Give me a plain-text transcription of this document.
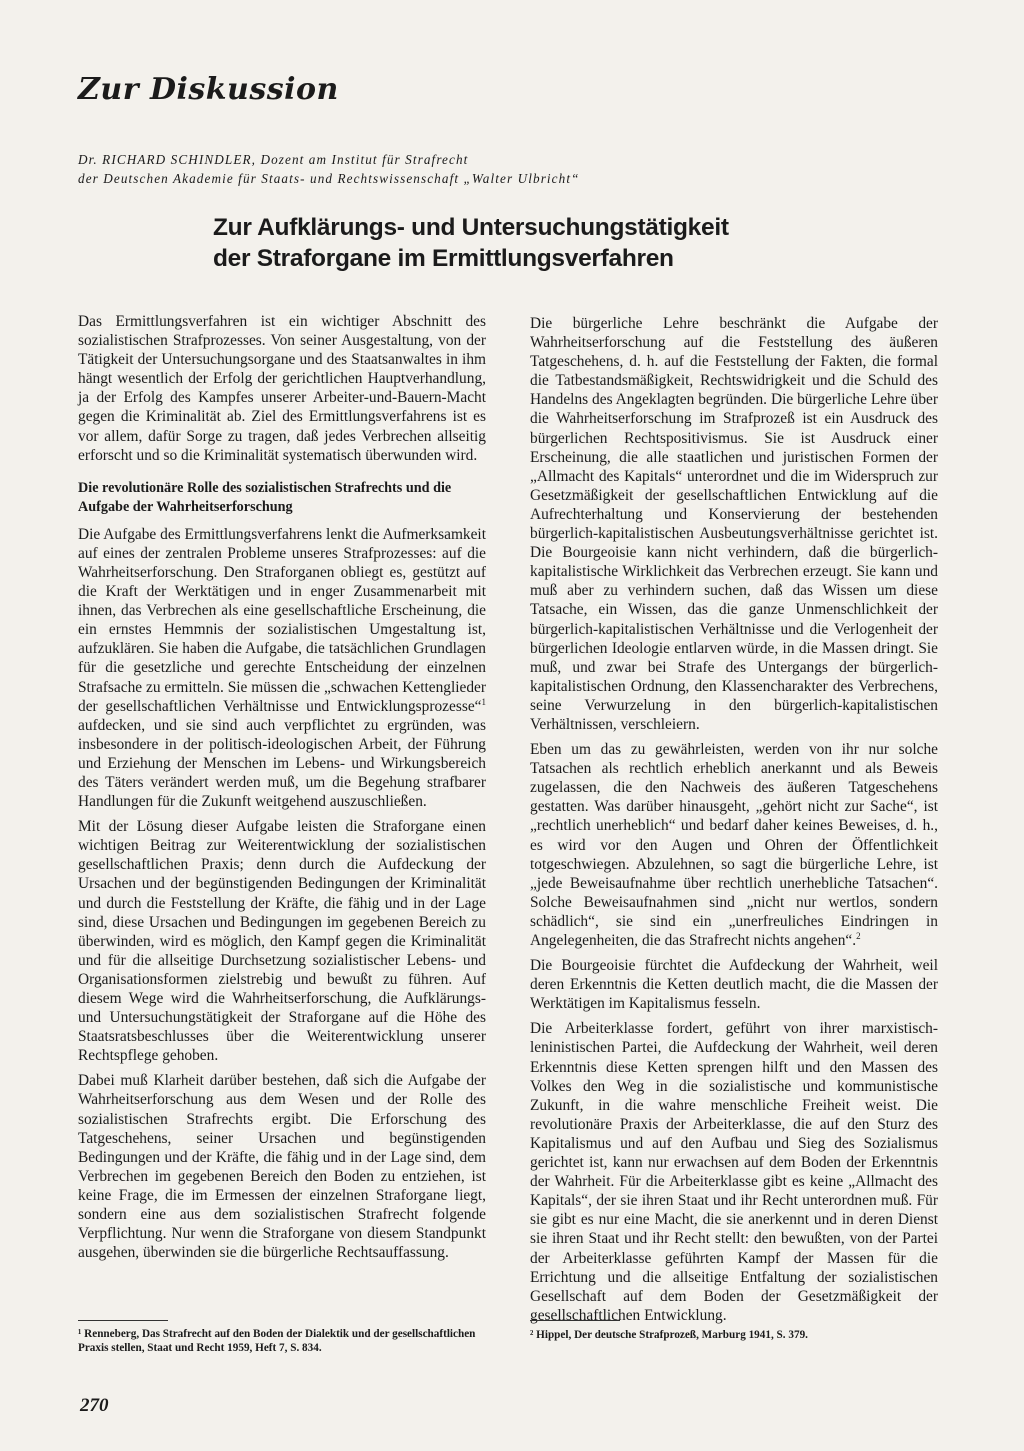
Zur Diskussion
Dr. RICHARD SCHINDLER, Dozent am Institut für Strafrecht
der Deutschen Akademie für Staats- und Rechtswissenschaft „Walter Ulbricht“
Zur Aufklärungs- und Untersuchungstätigkeit
der Straforgane im Ermittlungsverfahren

Das Ermittlungsverfahren ist ein wichtiger Abschnitt des sozialistischen Strafprozesses. Von seiner Ausgestaltung, von der Tätigkeit der Untersuchungsorgane und des Staatsanwaltes in ihm hängt wesentlich der Erfolg der gerichtlichen Hauptverhandlung, ja der Erfolg des Kampfes unserer Arbeiter-und-Bauern-Macht gegen die Kriminalität ab. Ziel des Ermittlungsverfahrens ist es vor allem, dafür Sorge zu tragen, daß jedes Verbrechen allseitig erforscht und so die Kriminalität systematisch überwunden wird.

Die revolutionäre Rolle des sozialistischen Strafrechts und die Aufgabe der Wahrheitserforschung

Die Aufgabe des Ermittlungsverfahrens lenkt die Aufmerksamkeit auf eines der zentralen Probleme unseres Strafprozesses: auf die Wahrheitserforschung. Den Straforganen obliegt es, gestützt auf die Kraft der Werktätigen und in enger Zusammenarbeit mit ihnen, das Verbrechen als eine gesellschaftliche Erscheinung, die ein ernstes Hemmnis der sozialistischen Umgestaltung ist, aufzuklären. Sie haben die Aufgabe, die tatsächlichen Grundlagen für die gesetzliche und gerechte Entscheidung der einzelnen Strafsache zu ermitteln. Sie müssen die „schwachen Kettenglieder der gesellschaftlichen Verhältnisse und Entwicklungsprozesse“$^1$ aufdecken, und sie sind auch verpflichtet zu ergründen, was insbesondere in der politisch-ideologischen Arbeit, der Führung und Erziehung der Menschen im Lebens- und Wirkungsbereich des Täters verändert werden muß, um die Begehung strafbarer Handlungen für die Zukunft weitgehend auszuschließen.

Mit der Lösung dieser Aufgabe leisten die Straforgane einen wichtigen Beitrag zur Weiterentwicklung der sozialistischen gesellschaftlichen Praxis; denn durch die Aufdeckung der Ursachen und der begünstigenden Bedingungen der Kriminalität und durch die Feststellung der Kräfte, die fähig und in der Lage sind, diese Ursachen und Bedingungen im gegebenen Bereich zu überwinden, wird es möglich, den Kampf gegen die Kriminalität und für die allseitige Durchsetzung sozialistischer Lebens- und Organisationsformen zielstrebig und bewußt zu führen. Auf diesem Wege wird die Wahrheitserforschung, die Aufklärungs- und Untersuchungstätigkeit der Straforgane auf die Höhe des Staatsratsbeschlusses über die Weiterentwicklung unserer Rechtspflege gehoben.

Dabei muß Klarheit darüber bestehen, daß sich die Aufgabe der Wahrheitserforschung aus dem Wesen und der Rolle des sozialistischen Strafrechts ergibt. Die Erforschung des Tatgeschehens, seiner Ursachen und begünstigenden Bedingungen und der Kräfte, die fähig und in der Lage sind, dem Verbrechen im gegebenen Bereich den Boden zu entziehen, ist keine Frage, die im Ermessen der einzelnen Straforgane liegt, sondern eine aus dem sozialistischen Strafrecht folgende Verpflichtung. Nur wenn die Straforgane von diesem Standpunkt ausgehen, überwinden sie die bürgerliche Rechtsauffassung.

Die bürgerliche Lehre beschränkt die Aufgabe der Wahrheitserforschung auf die Feststellung des äußeren Tatgeschehens, d. h. auf die Feststellung der Fakten, die formal die Tatbestandsmäßigkeit, Rechtswidrigkeit und die Schuld des Handelns des Angeklagten begründen. Die bürgerliche Lehre über die Wahrheitserforschung im Strafprozeß ist ein Ausdruck des bürgerlichen Rechtspositivismus. Sie ist Ausdruck einer Erscheinung, die alle staatlichen und juristischen Formen der „Allmacht des Kapitals“ unterordnet und die im Widerspruch zur Gesetzmäßigkeit der gesellschaftlichen Entwicklung auf die Aufrechterhaltung und Konservierung der bestehenden bürgerlich-kapitalistischen Ausbeutungsverhältnisse gerichtet ist. Die Bourgeoisie kann nicht verhindern, daß die bürgerlich-kapitalistische Wirklichkeit das Verbrechen erzeugt. Sie kann und muß aber zu verhindern suchen, daß das Wissen um diese Tatsache, ein Wissen, das die ganze Unmenschlichkeit der bürgerlich-kapitalistischen Verhältnisse und die Verlogenheit der bürgerlichen Ideologie entlarven würde, in die Massen dringt. Sie muß, und zwar bei Strafe des Untergangs der bürgerlich-kapitalistischen Ordnung, den Klassencharakter des Verbrechens, seine Verwurzelung in den bürgerlich-kapitalistischen Verhältnissen, verschleiern.

Eben um das zu gewährleisten, werden von ihr nur solche Tatsachen als rechtlich erheblich anerkannt und als Beweis zugelassen, die den Nachweis des äußeren Tatgeschehens gestatten. Was darüber hinausgeht, „gehört nicht zur Sache“, ist „rechtlich unerheblich“ und bedarf daher keines Beweises, d. h., es wird vor den Augen und Ohren der Öffentlichkeit totgeschwiegen. Abzulehnen, so sagt die bürgerliche Lehre, ist „jede Beweisaufnahme über rechtlich unerhebliche Tatsachen“. Solche Beweisaufnahmen sind „nicht nur wertlos, sondern schädlich“, sie sind ein „unerfreuliches Eindringen in Angelegenheiten, die das Strafrecht nichts angehen“.$^2$

Die Bourgeoisie fürchtet die Aufdeckung der Wahrheit, weil deren Erkenntnis die Ketten deutlich macht, die die Massen der Werktätigen im Kapitalismus fesseln.

Die Arbeiterklasse fordert, geführt von ihrer marxistisch-leninistischen Partei, die Aufdeckung der Wahrheit, weil deren Erkenntnis diese Ketten sprengen hilft und den Massen des Volkes den Weg in die sozialistische und kommunistische Zukunft, in die wahre menschliche Freiheit weist. Die revolutionäre Praxis der Arbeiterklasse, die auf den Sturz des Kapitalismus und auf den Aufbau und Sieg des Sozialismus gerichtet ist, kann nur erwachsen auf dem Boden der Erkenntnis der Wahrheit. Für die Arbeiterklasse gibt es keine „Allmacht des Kapitals“, der sie ihren Staat und ihr Recht unterordnen muß. Für sie gibt es nur eine Macht, die sie anerkennt und in deren Dienst sie ihren Staat und ihr Recht stellt: den bewußten, von der Partei der Arbeiterklasse geführten Kampf der Massen für die Errichtung und die allseitige Entfaltung der sozialistischen Gesellschaft auf dem Boden der Gesetzmäßigkeit der gesellschaftlichen Entwicklung.

¹ Renneberg, Das Strafrecht auf den Boden der Dialektik und der gesellschaftlichen Praxis stellen, Staat und Recht 1959, Heft 7, S. 834.
² Hippel, Der deutsche Strafprozeß, Marburg 1941, S. 379.
270
